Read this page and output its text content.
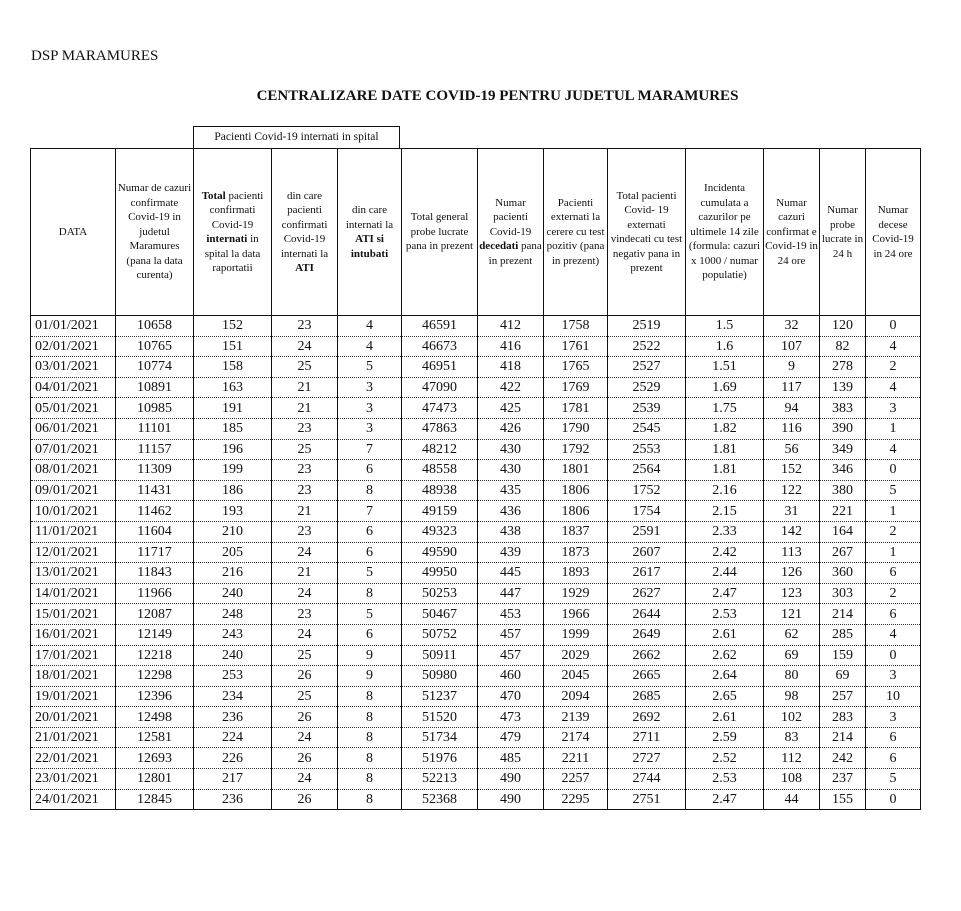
DSP MARAMURES
CENTRALIZARE DATE COVID-19 PENTRU JUDETUL MARAMURES
Pacienti Covid-19 internati in spital
DATA	Numar de cazuri confirmate Covid-19 in judetul Maramures (pana la data curenta)	Total pacienti confirmati Covid-19 internati in spital la data raportatii	din care pacienti confirmati Covid-19 internati la ATI	din care internati la ATI si intubati	Total general probe lucrate pana in prezent	Numar pacienti Covid-19 decedati pana in prezent	Pacienti externati la cerere cu test pozitiv (pana in prezent)	Total pacienti Covid- 19 externati vindecati cu test negativ pana in prezent	Incidenta cumulata a cazurilor pe ultimele 14 zile (formula: cazuri x 1000 / numar populatie)	Numar cazuri confirmat e Covid-19 in 24 ore	Numar probe lucrate in 24 h	Numar decese Covid-19 in 24 ore
01/01/2021	10658	152	23	4	46591	412	1758	2519	1.5	32	120	0
02/01/2021	10765	151	24	4	46673	416	1761	2522	1.6	107	82	4
03/01/2021	10774	158	25	5	46951	418	1765	2527	1.51	9	278	2
04/01/2021	10891	163	21	3	47090	422	1769	2529	1.69	117	139	4
05/01/2021	10985	191	21	3	47473	425	1781	2539	1.75	94	383	3
06/01/2021	11101	185	23	3	47863	426	1790	2545	1.82	116	390	1
07/01/2021	11157	196	25	7	48212	430	1792	2553	1.81	56	349	4
08/01/2021	11309	199	23	6	48558	430	1801	2564	1.81	152	346	0
09/01/2021	11431	186	23	8	48938	435	1806	1752	2.16	122	380	5
10/01/2021	11462	193	21	7	49159	436	1806	1754	2.15	31	221	1
11/01/2021	11604	210	23	6	49323	438	1837	2591	2.33	142	164	2
12/01/2021	11717	205	24	6	49590	439	1873	2607	2.42	113	267	1
13/01/2021	11843	216	21	5	49950	445	1893	2617	2.44	126	360	6
14/01/2021	11966	240	24	8	50253	447	1929	2627	2.47	123	303	2
15/01/2021	12087	248	23	5	50467	453	1966	2644	2.53	121	214	6
16/01/2021	12149	243	24	6	50752	457	1999	2649	2.61	62	285	4
17/01/2021	12218	240	25	9	50911	457	2029	2662	2.62	69	159	0
18/01/2021	12298	253	26	9	50980	460	2045	2665	2.64	80	69	3
19/01/2021	12396	234	25	8	51237	470	2094	2685	2.65	98	257	10
20/01/2021	12498	236	26	8	51520	473	2139	2692	2.61	102	283	3
21/01/2021	12581	224	24	8	51734	479	2174	2711	2.59	83	214	6
22/01/2021	12693	226	26	8	51976	485	2211	2727	2.52	112	242	6
23/01/2021	12801	217	24	8	52213	490	2257	2744	2.53	108	237	5
24/01/2021	12845	236	26	8	52368	490	2295	2751	2.47	44	155	0
